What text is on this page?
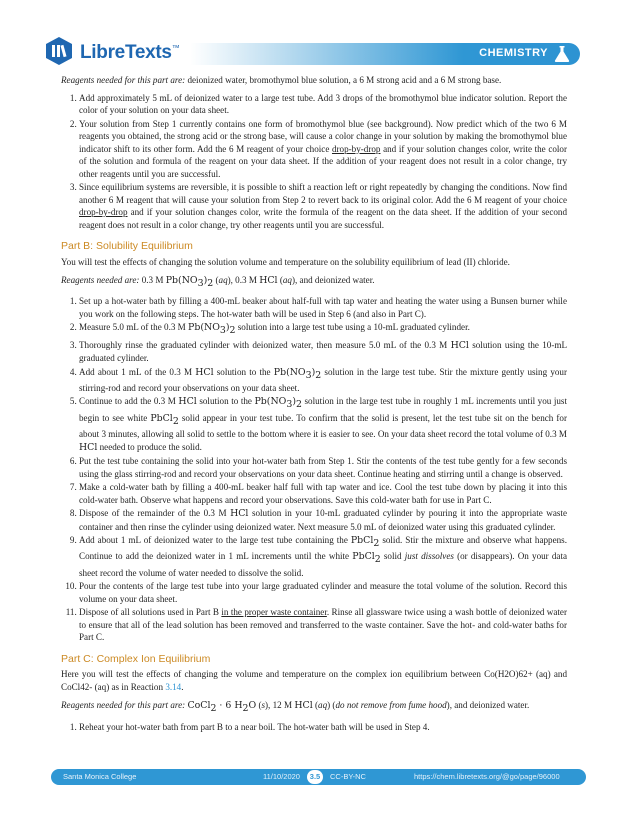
LibreTexts™	CHEMISTRY

Reagents needed for this part are: deionized water, bromothymol blue solution, a 6 M strong acid and a 6 M strong base.

1. Add approximately 5 mL of deionized water to a large test tube. Add 3 drops of the bromothymol blue indicator solution. Report the color of your solution on your data sheet.
2. Your solution from Step 1 currently contains one form of bromothymol blue (see background). Now predict which of the two 6 M reagents you obtained, the strong acid or the strong base, will cause a color change in your solution by making the bromothymol blue indicator shift to its other form. Add the 6 M reagent of your choice drop-by-drop and if your solution changes color, write the color of the solution and formula of the reagent on your data sheet. If the addition of your reagent does not result in a color change, try other reagents until you are successful.
3. Since equilibrium systems are reversible, it is possible to shift a reaction left or right repeatedly by changing the conditions. Now find another 6 M reagent that will cause your solution from Step 2 to revert back to its original color. Add the 6 M reagent of your choice drop-by-drop and if your solution changes color, write the formula of the reagent on the data sheet. If the addition of your second reagent does not result in a color change, try other reagents until you are successful.
Part B: Solubility Equilibrium

You will test the effects of changing the solution volume and temperature on the solubility equilibrium of lead (II) chloride.

Reagents needed are: 0.3 M $Pb(NO_3)_2$ (aq), 0.3 M HCl (aq), and deionized water.

1. Set up a hot-water bath by filling a 400-mL beaker about half-full with tap water and heating the water using a Bunsen burner while you work on the following steps. The hot-water bath will be used in Step 6 (and also in Part C).
2. Measure 5.0 mL of the 0.3 M $Pb(NO_3)_2$ solution into a large test tube using a 10-mL graduated cylinder.
3. Thoroughly rinse the graduated cylinder with deionized water, then measure 5.0 mL of the 0.3 M HCl solution using the 10-mL graduated cylinder.
4. Add about 1 mL of the 0.3 M HCl solution to the $Pb(NO_3)_2$ solution in the large test tube. Stir the mixture gently using your stirring-rod and record your observations on your data sheet.
5. Continue to add the 0.3 M HCl solution to the $Pb(NO_3)_2$ solution in the large test tube in roughly 1 mL increments until you just begin to see white PbCl$_2$ solid appear in your test tube. To confirm that the solid is present, let the test tube sit on the bench for about 3 minutes, allowing all solid to settle to the bottom where it is easier to see. On your data sheet record the total volume of 0.3 M HCl needed to produce the solid.
6. Put the test tube containing the solid into your hot-water bath from Step 1. Stir the contents of the test tube gently for a few seconds using the glass stirring-rod and record your observations on your data sheet. Continue heating and stirring until a change is observed.
7. Make a cold-water bath by filling a 400-mL beaker half full with tap water and ice. Cool the test tube down by placing it into this cold-water bath. Observe what happens and record your observations. Save this cold-water bath for use in Part C.
8. Dispose of the remainder of the 0.3 M HCl solution in your 10-mL graduated cylinder by pouring it into the appropriate waste container and then rinse the cylinder using deionized water. Next measure 5.0 mL of deionized water using this graduated cylinder.
9. Add about 1 mL of deionized water to the large test tube containing the PbCl$_2$ solid. Stir the mixture and observe what happens. Continue to add the deionized water in 1 mL increments until the white PbCl$_2$ solid just dissolves (or disappears). On your data sheet record the volume of water needed to dissolve the solid.
10. Pour the contents of the large test tube into your large graduated cylinder and measure the total volume of the solution. Record this volume on your data sheet.
11. Dispose of all solutions used in Part B in the proper waste container. Rinse all glassware twice using a wash bottle of deionized water to ensure that all of the lead solution has been removed and transferred to the waste container. Save the hot- and cold-water baths for Part C.
Part C: Complex Ion Equilibrium

Here you will test the effects of changing the volume and temperature on the complex ion equilibrium between Co(H2O)62+ (aq) and CoCl42- (aq) as in Reaction 3.14.

Reagents needed for this part are: CoCl$_2$ · 6 $H_2O$ (s), 12 M HCl (aq) (do not remove from fume hood), and deionized water.

1. Reheat your hot-water bath from part B to a near boil. The hot-water bath will be used in Step 4.
Santa Monica College	11/10/2020	3.5	CC-BY-NC	https://chem.libretexts.org/@go/page/96000
